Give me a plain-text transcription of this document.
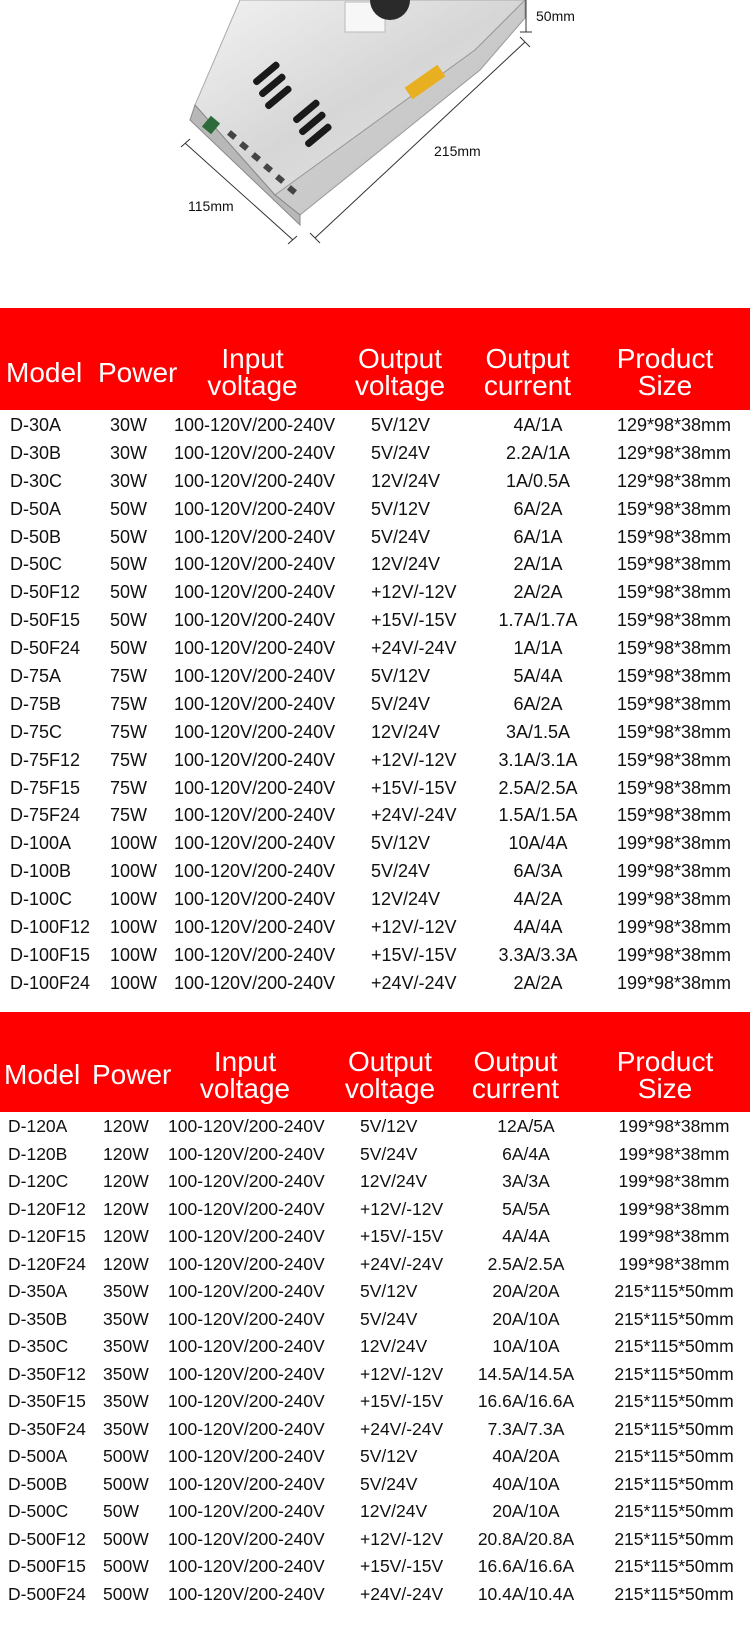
50mm
215mm
115mm
Model Power	Input
voltage
Output
voltage
Output
current
Product
Size
D-30A	30W 100-120V/200-240V 5V/12V	4A/1A	129*98*38mm
D-30B	30W 100-120V/200-240V 5V/24V	2.2A/1A	129*98*38mm
D-30C	30W 100-120V/200-240V 12V/24V	1A/0.5A	129*98*38mm
D-50A	50W 100-120V/200-240V 5V/12V	6A/2A	159*98*38mm
D-50B	50W 100-120V/200-240V 5V/24V	6A/1A	159*98*38mm
D-50C	50W 100-120V/200-240V 12V/24V	2A/1A	159*98*38mm
D-50F12 50W 100-120V/200-240V +12V/-12V	2A/2A	159*98*38mm
D-50F15 50W 100-120V/200-240V +15V/-15V	1.7A/1.7A	159*98*38mm
D-50F24 50W 100-120V/200-240V +24V/-24V	1A/1A	159*98*38mm
D-75A	75W 100-120V/200-240V 5V/12V	5A/4A	159*98*38mm
D-75B	75W 100-120V/200-240V 5V/24V	6A/2A	159*98*38mm
D-75C	75W 100-120V/200-240V 12V/24V	3A/1.5A	159*98*38mm
D-75F12 75W 100-120V/200-240V +12V/-12V	3.1A/3.1A	159*98*38mm
D-75F15 75W 100-120V/200-240V +15V/-15V	2.5A/2.5A	159*98*38mm
D-75F24 75W 100-120V/200-240V +24V/-24V	1.5A/1.5A	159*98*38mm
D-100A 100W 100-120V/200-240V 5V/12V	10A/4A	199*98*38mm
D-100B 100W 100-120V/200-240V 5V/24V	6A/3A	199*98*38mm
D-100C 100W 100-120V/200-240V 12V/24V	4A/2A	199*98*38mm
D-100F12 100W 100-120V/200-240V +12V/-12V	4A/4A	199*98*38mm
D-100F15 100W 100-120V/200-240V +15V/-15V	3.3A/3.3A	199*98*38mm
D-100F24 100W 100-120V/200-240V +24V/-24V	2A/2A	199*98*38mm
Model Power	Input
voltage
Output
voltage
Output
current
Product
Size
D-120A 120W 100-120V/200-240V 5V/12V	12A/5A	199*98*38mm
D-120B 120W 100-120V/200-240V 5V/24V	6A/4A	199*98*38mm
D-120C 120W 100-120V/200-240V 12V/24V	3A/3A	199*98*38mm
D-120F12 120W 100-120V/200-240V +12V/-12V	5A/5A	199*98*38mm
D-120F15 120W 100-120V/200-240V +15V/-15V	4A/4A	199*98*38mm
D-120F24 120W 100-120V/200-240V +24V/-24V	2.5A/2.5A	199*98*38mm
D-350A 350W 100-120V/200-240V 5V/12V	20A/20A	215*115*50mm
D-350B 350W 100-120V/200-240V 5V/24V	20A/10A	215*115*50mm
D-350C 350W 100-120V/200-240V 12V/24V	10A/10A	215*115*50mm
D-350F12 350W 100-120V/200-240V +12V/-12V	14.5A/14.5A	215*115*50mm
D-350F15 350W 100-120V/200-240V +15V/-15V	16.6A/16.6A	215*115*50mm
D-350F24 350W 100-120V/200-240V +24V/-24V	7.3A/7.3A	215*115*50mm
D-500A 500W 100-120V/200-240V 5V/12V	40A/20A	215*115*50mm
D-500B 500W 100-120V/200-240V 5V/24V	40A/10A	215*115*50mm
D-500C 50W 100-120V/200-240V 12V/24V	20A/10A	215*115*50mm
D-500F12 500W 100-120V/200-240V +12V/-12V	20.8A/20.8A	215*115*50mm
D-500F15 500W 100-120V/200-240V +15V/-15V	16.6A/16.6A	215*115*50mm
D-500F24 500W 100-120V/200-240V +24V/-24V	10.4A/10.4A	215*115*50mm
